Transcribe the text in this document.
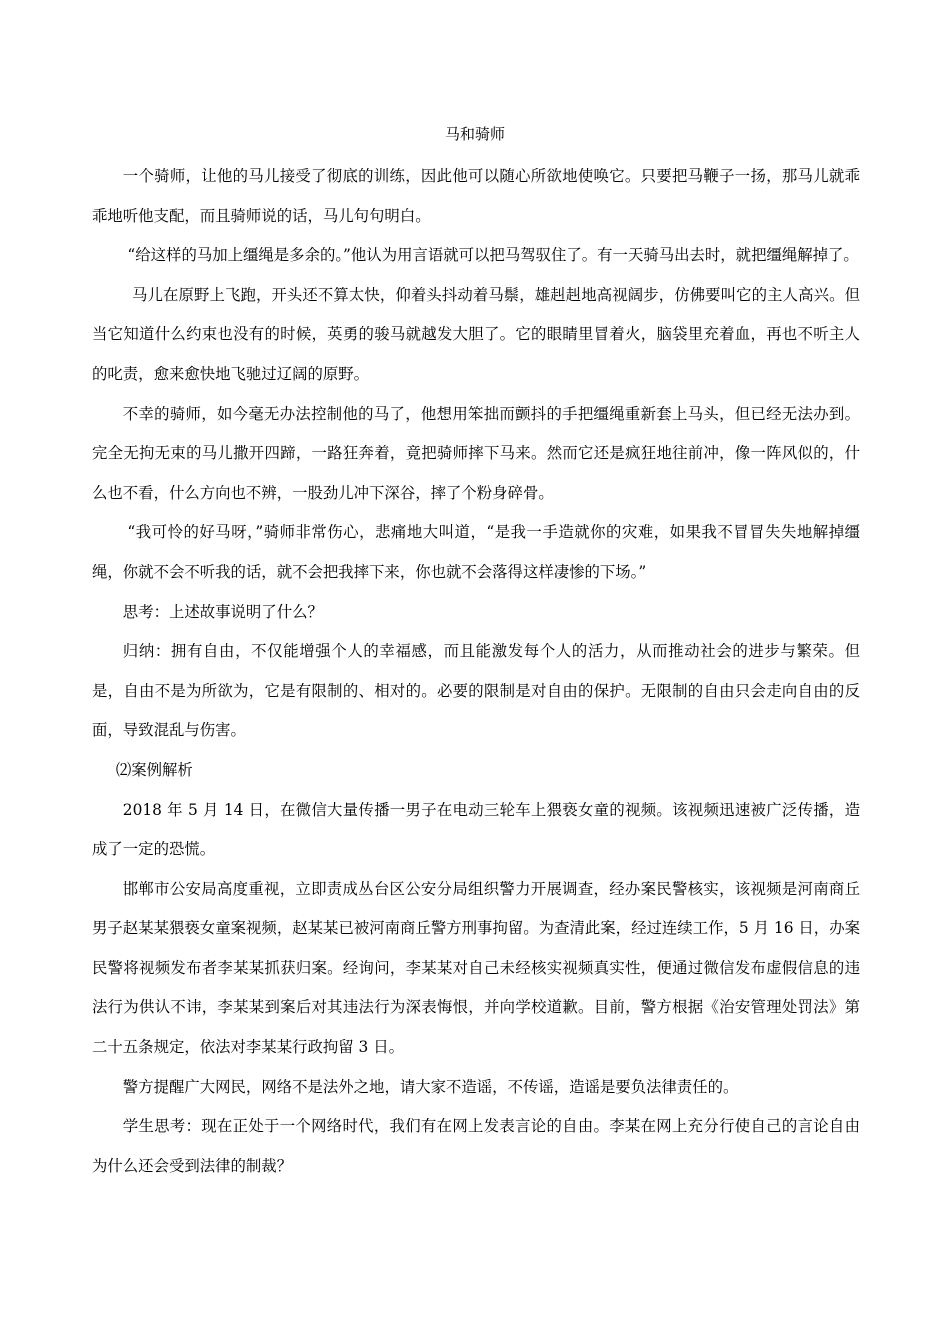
马和骑师

一个骑师，让他的马儿接受了彻底的训练，因此他可以随心所欲地使唤它。只要把马鞭子一扬，那马儿就乖乖地听他支配，而且骑师说的话，马儿句句明白。

“给这样的马加上缰绳是多余的。”他认为用言语就可以把马驾驭住了。有一天骑马出去时，就把缰绳解掉了。

马儿在原野上飞跑，开头还不算太快，仰着头抖动着马鬃，雄赳赳地高视阔步，仿佛要叫它的主人高兴。但当它知道什么约束也没有的时候，英勇的骏马就越发大胆了。它的眼睛里冒着火，脑袋里充着血，再也不听主人的叱责，愈来愈快地飞驰过辽阔的原野。

不幸的骑师，如今毫无办法控制他的马了，他想用笨拙而颤抖的手把缰绳重新套上马头，但已经无法办到。完全无拘无束的马儿撒开四蹄，一路狂奔着，竟把骑师摔下马来。然而它还是疯狂地往前冲，像一阵风似的，什么也不看，什么方向也不辨，一股劲儿冲下深谷，摔了个粉身碎骨。

“我可怜的好马呀，”骑师非常伤心，悲痛地大叫道，“是我一手造就你的灾难，如果我不冒冒失失地解掉缰绳，你就不会不听我的话，就不会把我摔下来，你也就不会落得这样凄惨的下场。”

思考：上述故事说明了什么？

归纳：拥有自由，不仅能增强个人的幸福感，而且能激发每个人的活力，从而推动社会的进步与繁荣。但是，自由不是为所欲为，它是有限制的、相对的。必要的限制是对自由的保护。无限制的自由只会走向自由的反面，导致混乱与伤害。

⑵案例解析

2018 年 5 月 14 日，在微信大量传播一男子在电动三轮车上猥亵女童的视频。该视频迅速被广泛传播，造成了一定的恐慌。

邯郸市公安局高度重视，立即责成丛台区公安分局组织警力开展调查，经办案民警核实，该视频是河南商丘男子赵某某猥亵女童案视频，赵某某已被河南商丘警方刑事拘留。为查清此案，经过连续工作，5 月 16 日，办案民警将视频发布者李某某抓获归案。经询问，李某某对自己未经核实视频真实性，便通过微信发布虚假信息的违法行为供认不讳，李某某到案后对其违法行为深表悔恨，并向学校道歉。目前，警方根据《治安管理处罚法》第二十五条规定，依法对李某某行政拘留 3 日。

警方提醒广大网民，网络不是法外之地，请大家不造谣，不传谣，造谣是要负法律责任的。

学生思考：现在正处于一个网络时代，我们有在网上发表言论的自由。李某在网上充分行使自己的言论自由为什么还会受到法律的制裁？
